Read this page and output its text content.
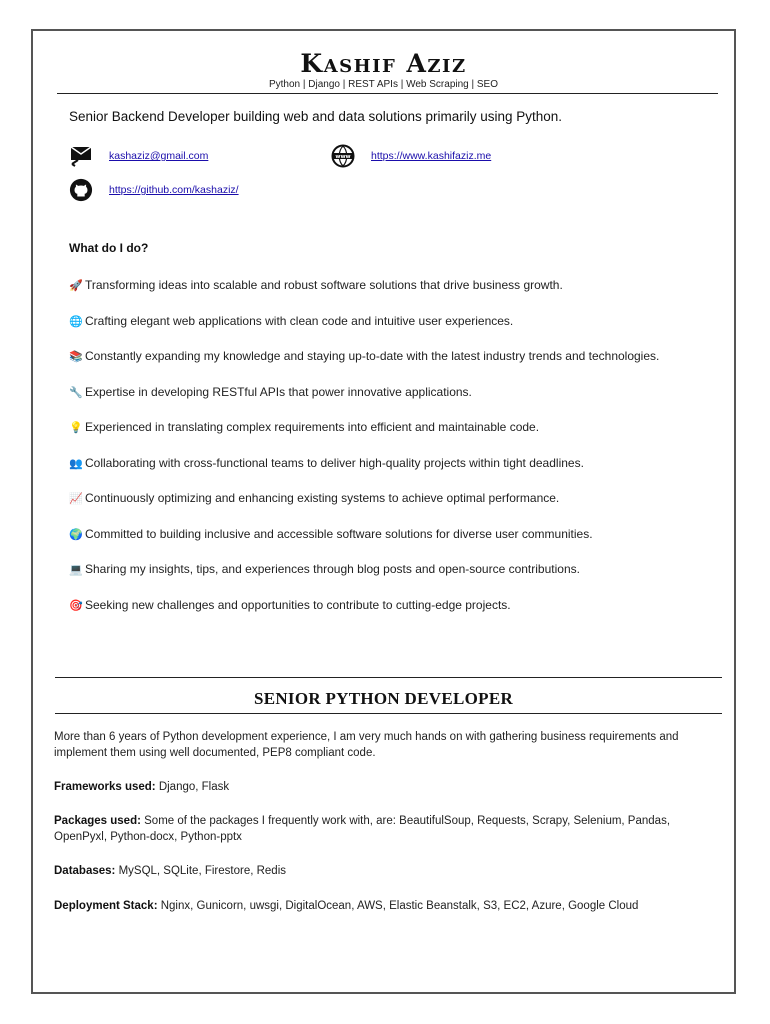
Kashif Aziz
Python | Django | REST APIs | Web Scraping | SEO
Senior Backend Developer building web and data solutions primarily using Python.
kashaziz@gmail.com	www https://www.kashifaziz.me
https://github.com/kashaziz/
What do I do?
🚀 Transforming ideas into scalable and robust software solutions that drive business growth.
🌐 Crafting elegant web applications with clean code and intuitive user experiences.
📚 Constantly expanding my knowledge and staying up-to-date with the latest industry trends and technologies.
🔧 Expertise in developing RESTful APIs that power innovative applications.
💡 Experienced in translating complex requirements into efficient and maintainable code.
👥 Collaborating with cross-functional teams to deliver high-quality projects within tight deadlines.
📈 Continuously optimizing and enhancing existing systems to achieve optimal performance.
🌍 Committed to building inclusive and accessible software solutions for diverse user communities.
💻 Sharing my insights, tips, and experiences through blog posts and open-source contributions.
🎯 Seeking new challenges and opportunities to contribute to cutting-edge projects.
SENIOR PYTHON DEVELOPER
More than 6 years of Python development experience, I am very much hands on with gathering business requirements and implement them using well documented, PEP8 compliant code.
Frameworks used: Django, Flask
Packages used: Some of the packages I frequently work with, are: BeautifulSoup, Requests, Scrapy, Selenium, Pandas, OpenPyxl, Python-docx, Python-pptx
Databases: MySQL, SQLite, Firestore, Redis
Deployment Stack: Nginx, Gunicorn, uwsgi, DigitalOcean, AWS, Elastic Beanstalk, S3, EC2, Azure, Google Cloud
